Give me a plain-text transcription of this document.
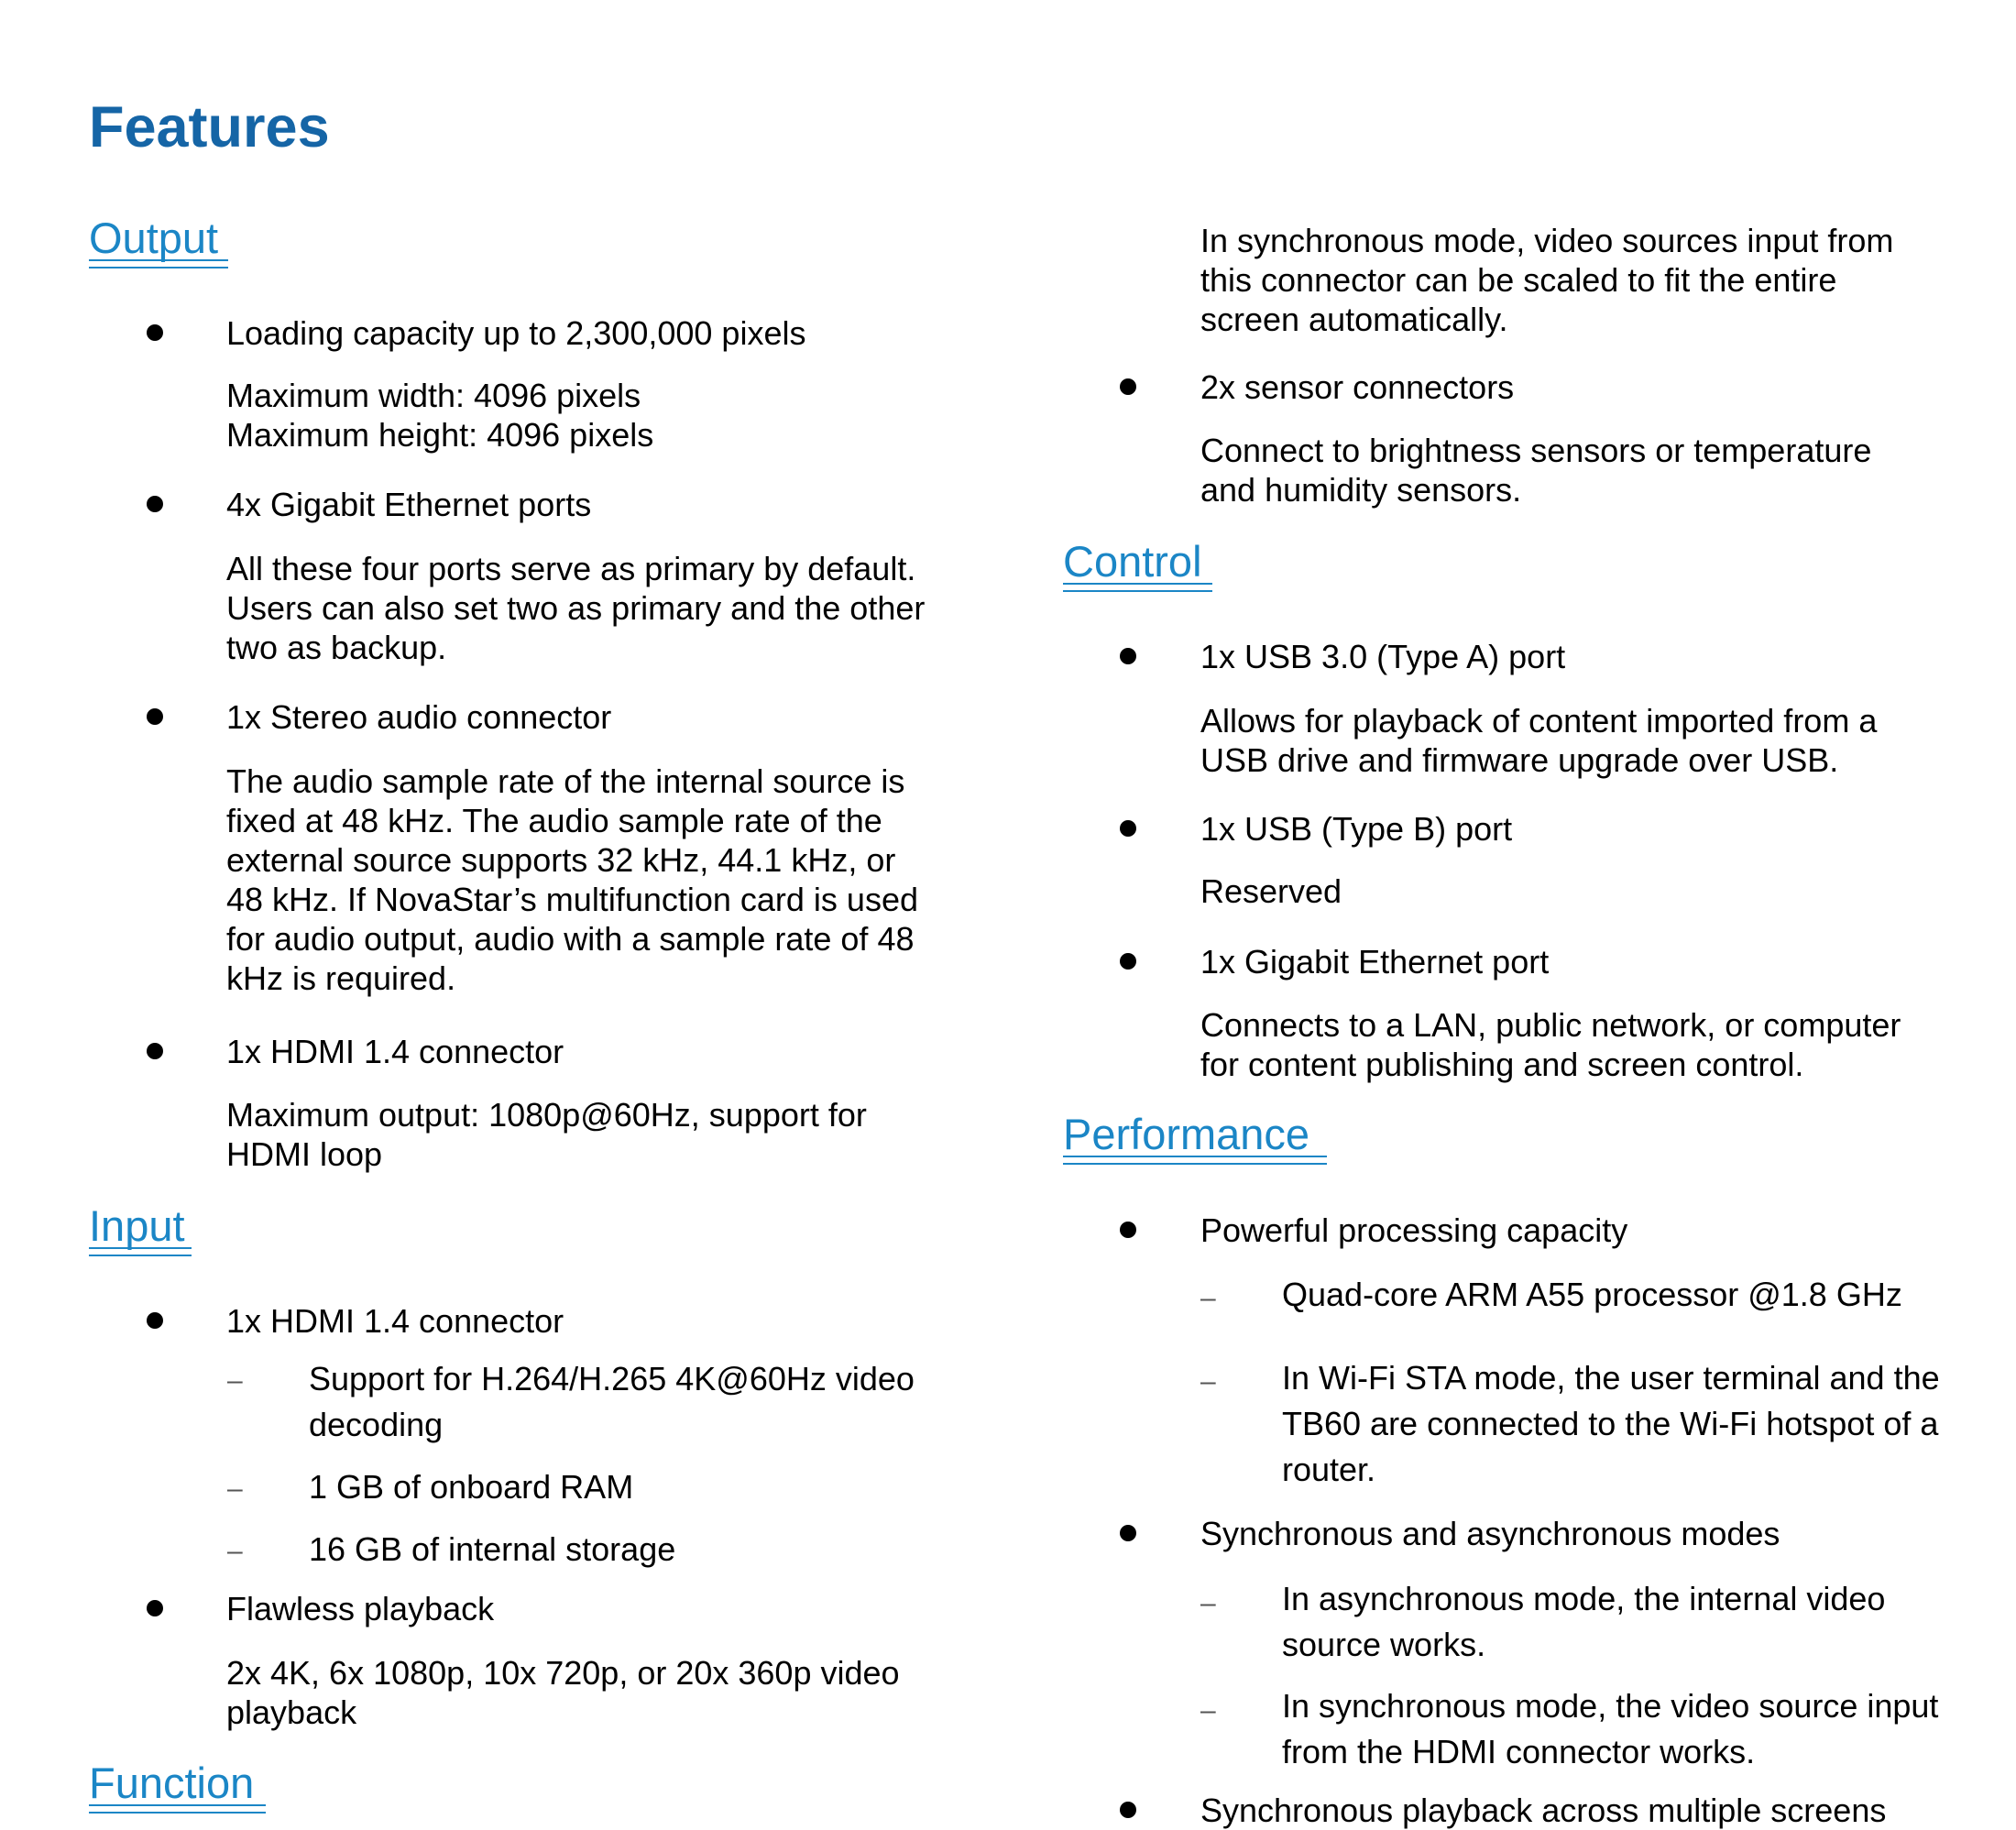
Features
Output
Loading capacity up to 2,300,000 pixels
Maximum width: 4096 pixels
Maximum height: 4096 pixels
4x Gigabit Ethernet ports
All these four ports serve as primary by default.
Users can also set two as primary and the other
two as backup.
1x Stereo audio connector
The audio sample rate of the internal source is
fixed at 48 kHz. The audio sample rate of the
external source supports 32 kHz, 44.1 kHz, or
48 kHz. If NovaStar’s multifunction card is used
for audio output, audio with a sample rate of 48
kHz is required.
1x HDMI 1.4 connector
Maximum output: 1080p@60Hz, support for
HDMI loop
Input
1x HDMI 1.4 connector
– Support for H.264/H.265 4K@60Hz video decoding
– 1 GB of onboard RAM
– 16 GB of internal storage
Flawless playback
2x 4K, 6x 1080p, 10x 720p, or 20x 360p video
playback
Function
In synchronous mode, video sources input from
this connector can be scaled to fit the entire
screen automatically.
2x sensor connectors
Connect to brightness sensors or temperature
and humidity sensors.
Control
1x USB 3.0 (Type A) port
Allows for playback of content imported from a
USB drive and firmware upgrade over USB.
1x USB (Type B) port
Reserved
1x Gigabit Ethernet port
Connects to a LAN, public network, or computer
for content publishing and screen control.
Performance
Powerful processing capacity
– Quad-core ARM A55 processor @1.8 GHz
– In Wi-Fi STA mode, the user terminal and the TB60 are connected to the Wi-Fi hotspot of a router.
Synchronous and asynchronous modes
– In asynchronous mode, the internal video source works.
– In synchronous mode, the video source input from the HDMI connector works.
Synchronous playback across multiple screens
